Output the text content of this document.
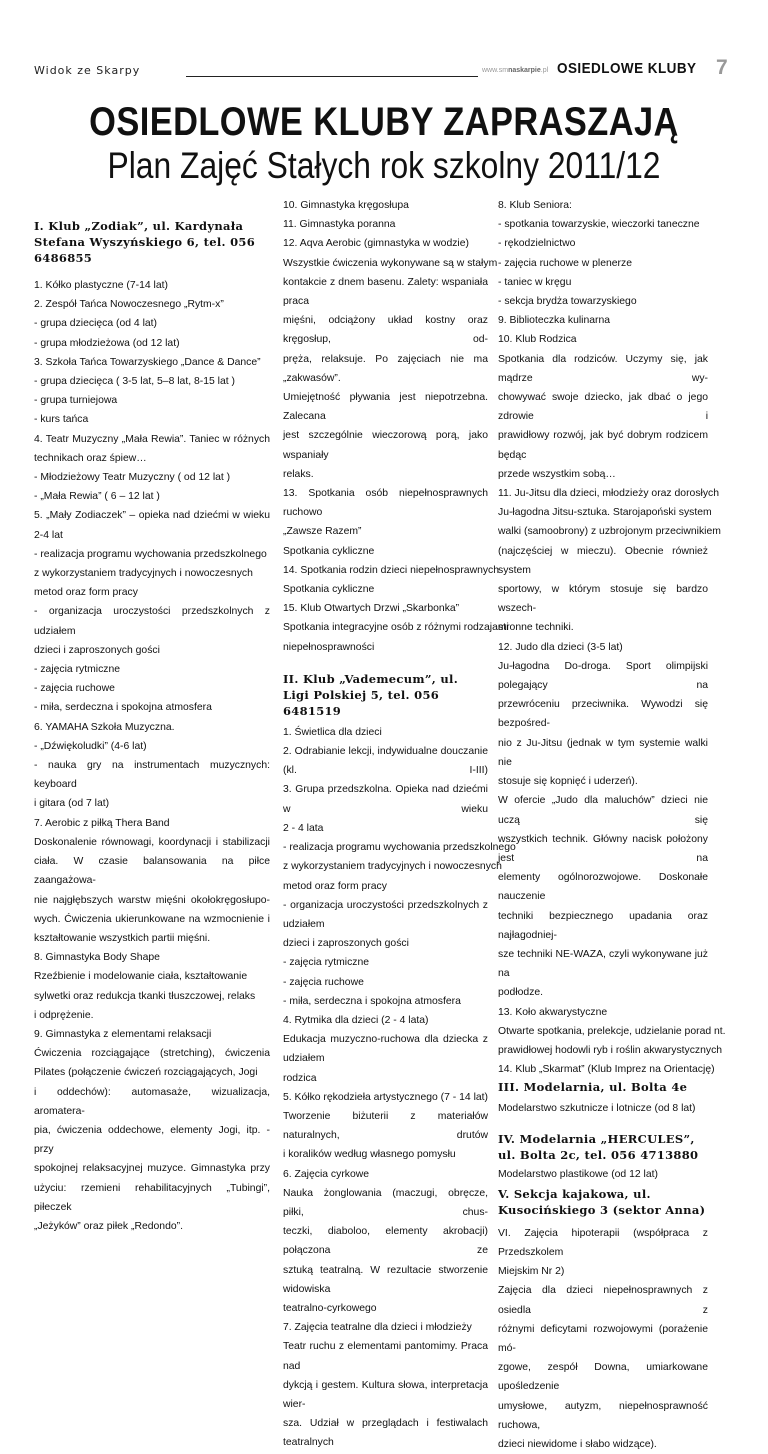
Widok ze Skarpy	www.smnaskarpie.pl OSIEDLOWE KLUBY 7
OSIEDLOWE KLUBY ZAPRASZAJĄ
Plan Zajęć Stałych rok szkolny 2011/12
I. Klub „Zodiak”, ul. Kardynała Stefana Wyszyńskiego 6, tel. 056 6486855
1. Kółko plastyczne (7-14 lat)
2. Zespół Tańca Nowoczesnego „Rytm-x”
- grupa dziecięca (od 4 lat)
- grupa młodzieżowa (od 12 lat)
3. Szkoła Tańca Towarzyskiego „Dance & Dance”
- grupa dziecięca ( 3-5 lat, 5–8 lat, 8-15 lat )
- grupa turniejowa
- kurs tańca
4. Teatr Muzyczny „Mała Rewia”. Taniec w różnych
technikach oraz śpiew…
- Młodzieżowy Teatr Muzyczny ( od 12 lat )
- „Mała Rewia” ( 6 – 12 lat )
5. „Mały Zodiaczek” – opieka nad dziećmi w wieku
2-4 lat
- realizacja programu wychowania przedszkolnego
z wykorzystaniem tradycyjnych i nowoczesnych
metod oraz form pracy
- organizacja uroczystości przedszkolnych z udziałem
dzieci i zaproszonych gości
- zajęcia rytmiczne
- zajęcia ruchowe
- miła, serdeczna i spokojna atmosfera
6. YAMAHA Szkoła Muzyczna.
- „Dźwiękoludki” (4-6 lat)
- nauka gry na instrumentach muzycznych: keyboard
i gitara (od 7 lat)
7. Aerobic z piłką Thera Band
Doskonalenie równowagi, koordynacji i stabilizacji
ciała. W czasie balansowania na piłce zaangażowa-
nie najgłębszych warstw mięśni okołokręgosłupo-
wych. Ćwiczenia ukierunkowane na wzmocnienie i
kształtowanie wszystkich partii mięśni.
8. Gimnastyka Body Shape
Rzeźbienie i modelowanie ciała, kształtowanie
sylwetki oraz redukcja tkanki tłuszczowej, relaks
i odprężenie.
9. Gimnastyka z elementami relaksacji
Ćwiczenia rozciągające (stretching), ćwiczenia
Pilates (połączenie ćwiczeń rozciągających, Jogi
i oddechów): automasaże, wizualizacja, aromatera-
pia, ćwiczenia oddechowe, elementy Jogi, itp. - przy
spokojnej relaksacyjnej muzyce. Gimnastyka przy
użyciu: rzemieni rehabilitacyjnych „Tubingi”, piłeczek
„Jeżyków” oraz piłek „Redondo”.
10. Gimnastyka kręgosłupa
11. Gimnastyka poranna
12. Aqva Aerobic (gimnastyka w wodzie)
Wszystkie ćwiczenia wykonywane są w stałym
kontakcie z dnem basenu. Zalety: wspaniała praca
mięśni, odciążony układ kostny oraz kręgosłup, od-
pręża, relaksuje. Po zajęciach nie ma „zakwasów”.
Umiejętność pływania jest niepotrzebna. Zalecana
jest szczególnie wieczorową porą, jako wspaniały
relaks.
13. Spotkania osób niepełnosprawnych ruchowo
„Zawsze Razem”
Spotkania cykliczne
14. Spotkania rodzin dzieci niepełnosprawnych
Spotkania cykliczne
15. Klub Otwartych Drzwi „Skarbonka”
Spotkania integracyjne osób z różnymi rodzajami
niepełnosprawności
II. Klub „Vademecum”, ul. Ligi Polskiej 5, tel. 056 6481519
1. Świetlica dla dzieci
2. Odrabianie lekcji, indywidualne douczanie (kl. I-III)
3. Grupa przedszkolna. Opieka nad dziećmi w wieku
2 - 4 lata
- realizacja programu wychowania przedszkolnego
z wykorzystaniem tradycyjnych i nowoczesnych
metod oraz form pracy
- organizacja uroczystości przedszkolnych z udziałem
dzieci i zaproszonych gości
- zajęcia rytmiczne
- zajęcia ruchowe
- miła, serdeczna i spokojna atmosfera
4. Rytmika dla dzieci (2 - 4 lata)
Edukacja muzyczno-ruchowa dla dziecka z udziałem
rodzica
5. Kółko rękodzieła artystycznego (7 - 14 lat)
Tworzenie biżuterii z materiałów naturalnych, drutów
i koralików według własnego pomysłu
6. Zajęcia cyrkowe
Nauka żonglowania (maczugi, obręcze, piłki, chus-
teczki, diaboloo, elementy akrobacji) połączona ze
sztuką teatralną. W rezultacie stworzenie widowiska
teatralno-cyrkowego
7. Zajęcia teatralne dla dzieci i młodzieży
Teatr ruchu z elementami pantomimy. Praca nad
dykcją i gestem. Kultura słowa, interpretacja wier-
sza. Udział w przeglądach i festiwalach teatralnych
8. Klub Seniora:
- spotkania towarzyskie, wieczorki taneczne
- rękodzielnictwo
- zajęcia ruchowe w plenerze
- taniec w kręgu
- sekcja brydża towarzyskiego
9. Biblioteczka kulinarna
10. Klub Rodzica
Spotkania dla rodziców. Uczymy się, jak mądrze wy-
chowywać swoje dziecko, jak dbać o jego zdrowie i
prawidłowy rozwój, jak być dobrym rodzicem będąc
przede wszystkim sobą…
11. Ju-Jitsu dla dzieci, młodzieży oraz dorosłych
Ju-łagodna Jitsu-sztuka. Starojapoński system
walki (samoobrony) z uzbrojonym przeciwnikiem
(najczęściej w mieczu). Obecnie również system
sportowy, w którym stosuje się bardzo wszech-
stronne techniki.
12. Judo dla dzieci (3-5 lat)
Ju-łagodna Do-droga. Sport olimpijski polegający na
przewróceniu przeciwnika. Wywodzi się bezpośred-
nio z Ju-Jitsu (jednak w tym systemie walki nie
stosuje się kopnięć i uderzeń).
W ofercie „Judo dla maluchów” dzieci nie uczą się
wszystkich technik. Główny nacisk położony jest na
elementy ogólnorozwojowe. Doskonałe nauczenie
techniki bezpiecznego upadania oraz najłagodniej-
sze techniki NE-WAZA, czyli wykonywane już na
podłodze.
13. Koło akwarystyczne
Otwarte spotkania, prelekcje, udzielanie porad nt.
prawidłowej hodowli ryb i roślin akwarystycznych
14. Klub „Skarmat” (Klub Imprez na Orientację)
III. Modelarnia, ul. Bolta 4e
Modelarstwo szkutnicze i lotnicze (od 8 lat)
IV. Modelarnia „HERCULES”, ul. Bolta 2c, tel. 056 4713880
Modelarstwo plastikowe (od 12 lat)
V. Sekcja kajakowa, ul. Kusocińskiego 3 (sektor Anna)
VI. Zajęcia hipoterapii (współpraca z Przedszkolem
Miejskim Nr 2)
Zajęcia dla dzieci niepełnosprawnych z osiedla z
różnymi deficytami rozwojowymi (porażenie mó-
zgowe, zespół Downa, umiarkowane upośledzenie
umysłowe, autyzm, niepełnosprawność ruchowa,
dzieci niewidome i słabo widzące).
